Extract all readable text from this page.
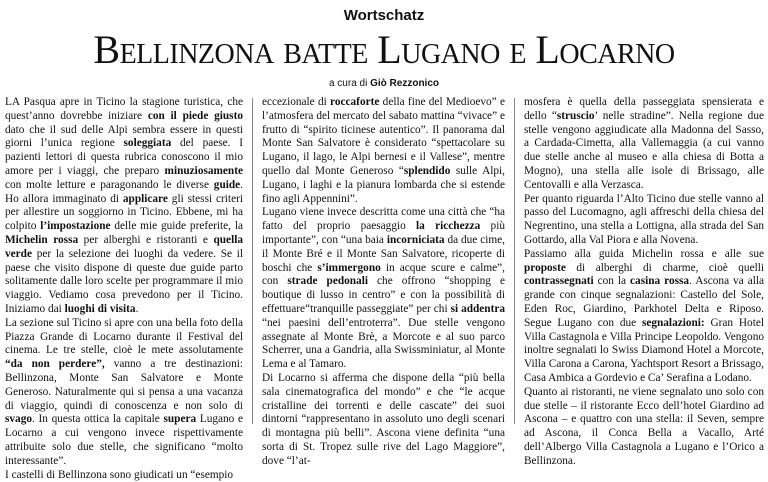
Wortschatz
Bellinzona batte Lugano e Locarno
a cura di Giò Rezzonico

LA Pasqua apre in Ticino la stagione turistica, che quest’anno dovrebbe iniziare con il piede giusto dato che il sud delle Alpi sembra essere in questi giorni l’unica regione soleggiata del paese. I pazienti lettori di questa rubrica conoscono il mio amore per i viaggi, che preparo minuziosamente con molte letture e paragonando le diverse guide. Ho allora immaginato di applicare gli stessi criteri per allestire un soggiorno in Ticino. Ebbene, mi ha colpito l’impostazione delle mie guide preferite, la Michelin rossa per alberghi e ristoranti e quella verde per la selezione dei luoghi da vedere. Se il paese che visito dispone di queste due guide parto solitamente dalle loro scelte per programmare il mio viaggio. Vediamo cosa prevedono per il Ticino. Iniziamo dai luoghi di visita.

La sezione sul Ticino si apre con una bella foto della Piazza Grande di Locarno durante il Festival del cinema. Le tre stelle, cioè le mete assolutamente “da non perdere”, vanno a tre destinazioni: Bellinzona, Monte San Salvatore e Monte Generoso. Naturalmente qui si pensa a una vacanza di viaggio, quindi di conoscenza e non solo di svago. In questa ottica la capitale supera Lugano e Locarno a cui vengono invece rispettivamente attribuite solo due stelle, che significano “molto interessante”.

I castelli di Bellinzona sono giudicati un “esempio

eccezionale di roccaforte della fine del Medioevo” e l’atmosfera del mercato del sabato mattina “vivace” e frutto di “spirito ticinese autentico”. Il panorama dal Monte San Salvatore è considerato “spettacolare su Lugano, il lago, le Alpi bernesi e il Vallese”, mentre quello dal Monte Generoso “splendido sulle Alpi, Lugano, i laghi e la pianura lombarda che si estende fino agli Appennini”.

Lugano viene invece descritta come una città che “ha fatto del proprio paesaggio la ricchezza più importante”, con “una baia incorniciata da due cime, il Monte Bré e il Monte San Salvatore, ricoperte di boschi che s’immergono in acque scure e calme”, con strade pedonali che offrono “shopping e boutique di lusso in centro” e con la possibilità di effettuare“tranquille passeggiate” per chi si addentra “nei paesini dell’entroterra”. Due stelle vengono assegnate al Monte Brè, a Morcote e al suo parco Scherrer, una a Gandria, alla Swissminiatur, al Monte Lema e al Tamaro.

Di Locarno si afferma che dispone della “più bella sala cinematografica del mondo” e che “le acque cristalline dei torrenti e delle cascate” dei suoi dintorni “rappresentano in assoluto uno degli scenari di montagna più belli”. Ascona viene definita “una sorta di St. Tropez sulle rive del Lago Maggiore”, dove “l’at-

mosfera è quella della passeggiata spensierata e dello “struscio’ nelle stradine”. Nella regione due stelle vengono aggiudicate alla Madonna del Sasso, a Cardada-Cimetta, alla Vallemaggia (a cui vanno due stelle anche al museo e alla chiesa di Botta a Mogno), una stella alle isole di Brissago, alle Centovalli e alla Verzasca.

Per quanto riguarda l’Alto Ticino due stelle vanno al passo del Lucomagno, agli affreschi della chiesa del Negrentino, una stella a Lottigna, alla strada del San Gottardo, alla Val Piora e alla Novena.

Passiamo alla guida Michelin rossa e alle sue proposte di alberghi di charme, cioè quelli contrassegnati con la casina rossa. Ascona va alla grande con cinque segnalazioni: Castello del Sole, Eden Roc, Giardino, Parkhotel Delta e Riposo. Segue Lugano con due segnalazioni: Gran Hotel Villa Castagnola e Villa Principe Leopoldo. Vengono inoltre segnalati lo Swiss Diamond Hotel a Morcote, Villa Carona a Carona, Yachtsport Resort a Brissago, Casa Ambica a Gordevio e Ca’ Serafina a Lodano.

Quanto ai ristoranti, ne viene segnalato uno solo con due stelle – il ristorante Ecco dell’hotel Giardino ad Ascona – e quattro con una stella: il Seven, sempre ad Ascona, il Conca Bella a Vacallo, Arté dell’Albergo Villa Castagnola a Lugano e l’Orico a Bellinzona.
